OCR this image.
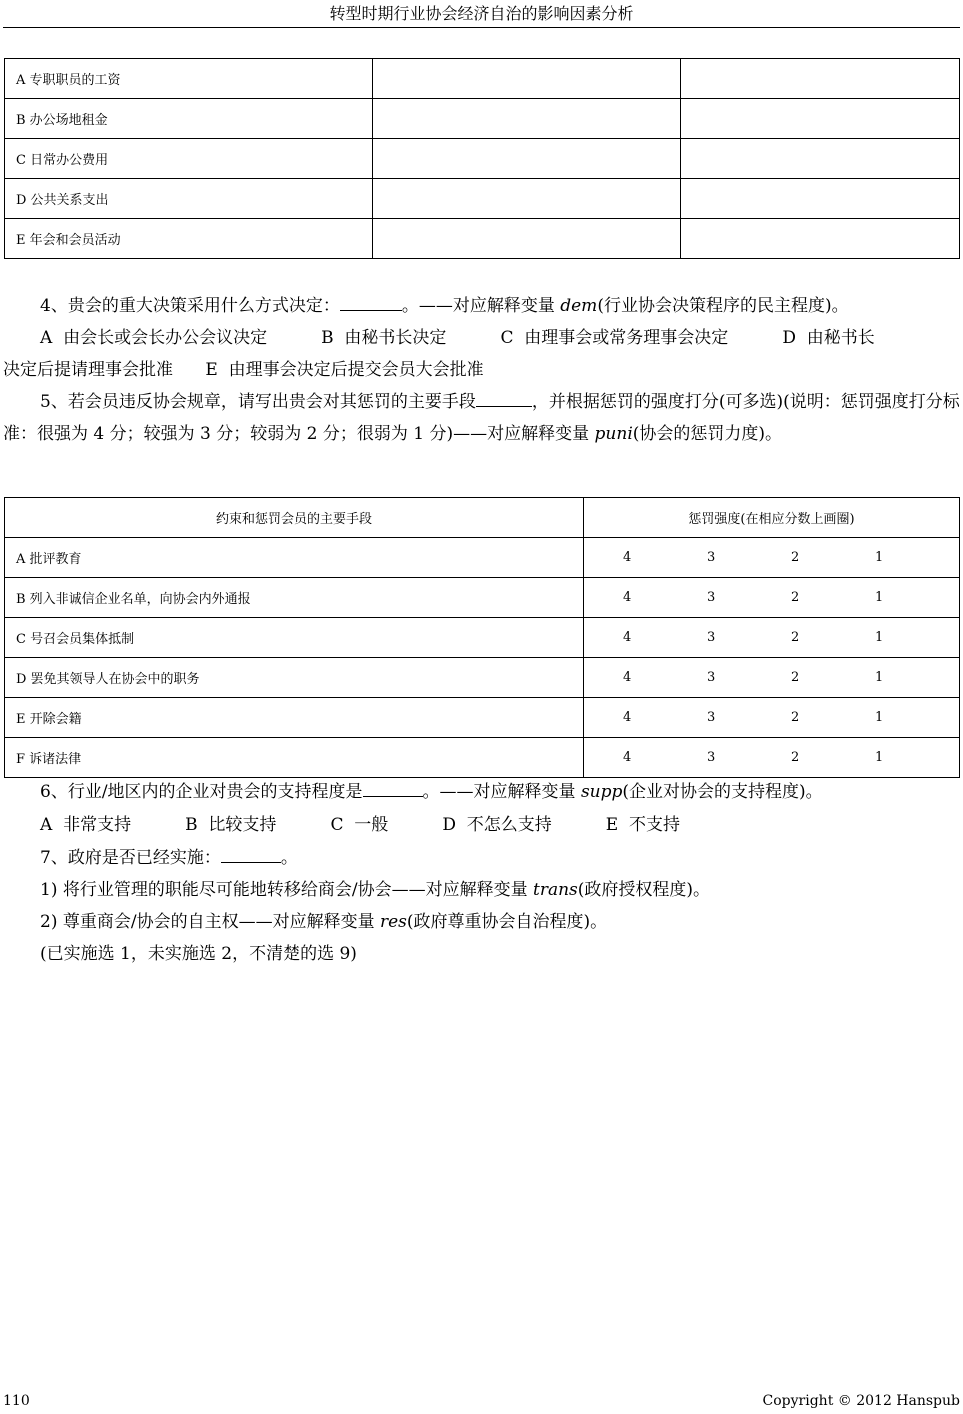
转型时期行业协会经济自治的影响因素分析
A 专职职员的工资		
B 办公场地租金		
C 日常办公费用		
D 公共关系支出		
E 年会和会员活动		

4、贵会的重大决策采用什么方式决定：	。——对应解释变量 dem(行业协会决策程序的民主程度)。

A  由会长或会长办公会议决定          B  由秘书长决定          C  由理事会或常务理事会决定          D  由秘书长

决定后提请理事会批准      E  由理事会决定后提交会员大会批准

5、若会员违反协会规章，请写出贵会对其惩罚的主要手段	，并根据惩罚的强度打分(可多选)(说明：惩罚强度打分标准：很强为 4 分；较强为 3 分；较弱为 2 分；很弱为 1 分)——对应解释变量 puni(协会的惩罚力度)。

约束和惩罚会员的主要手段	惩罚强度(在相应分数上画圈)
A 批评教育	4 3 2 1

B 列入非诚信企业名单，向协会内外通报	4 3 2 1

C 号召会员集体抵制	4 3 2 1

D 罢免其领导人在协会中的职务	4 3 2 1

E 开除会籍	4 3 2 1

F 诉诸法律	4 3 2 1

6、行业/地区内的企业对贵会的支持程度是	。——对应解释变量 supp(企业对协会的支持程度)。

A  非常支持          B  比较支持          C  一般          D  不怎么支持          E  不支持

7、政府是否已经实施：	。

1) 将行业管理的职能尽可能地转移给商会/协会——对应解释变量 trans(政府授权程度)。

2) 尊重商会/协会的自主权——对应解释变量 res(政府尊重协会自治程度)。

(已实施选 1，未实施选 2，不清楚的选 9)

110	Copyright © 2012 Hanspub
